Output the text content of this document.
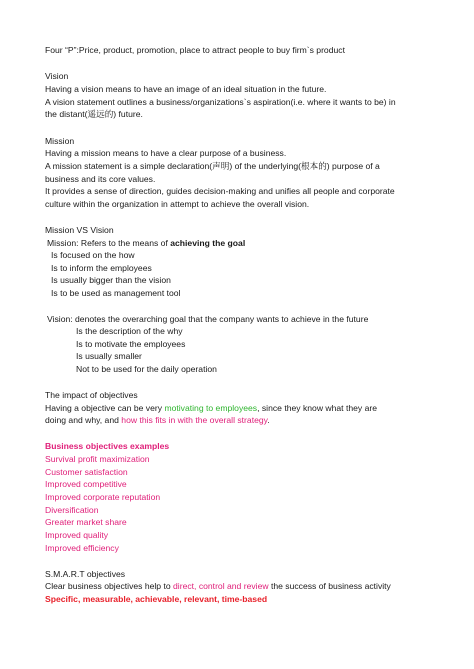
Four “P”:Price, product, promotion, place to attract people to buy firm`s product
Vision
Having a vision means to have an image of an ideal situation in the future.
A vision statement outlines a business/organizations`s aspiration(i.e. where it wants to be) in
the distant(遥远的) future.
Mission
Having a mission means to have a clear purpose of a business.
A mission statement is a simple declaration(声明) of the underlying(根本的) purpose of a
business and its core values.
It provides a sense of direction, guides decision-making and unifies all people and corporate
culture within the organization in attempt to achieve the overall vision.
Mission VS Vision
Mission: Refers to the means of achieving the goal
Is focused on the how
Is to inform the employees
Is usually bigger than the vision
Is to be used as management tool
Vision: denotes the overarching goal that the company wants to achieve in the future
Is the description of the why
Is to motivate the employees
Is usually smaller
Not to be used for the daily operation
The impact of objectives
Having a objective can be very motivating to employees, since they know what they are
doing and why, and how this fits in with the overall strategy.
Business objectives examples
Survival profit maximization
Customer satisfaction
Improved competitive
Improved corporate reputation
Diversification
Greater market share
Improved quality
Improved efficiency
S.M.A.R.T objectives
Clear business objectives help to direct, control and review the success of business activity
Specific, measurable, achievable, relevant, time-based
